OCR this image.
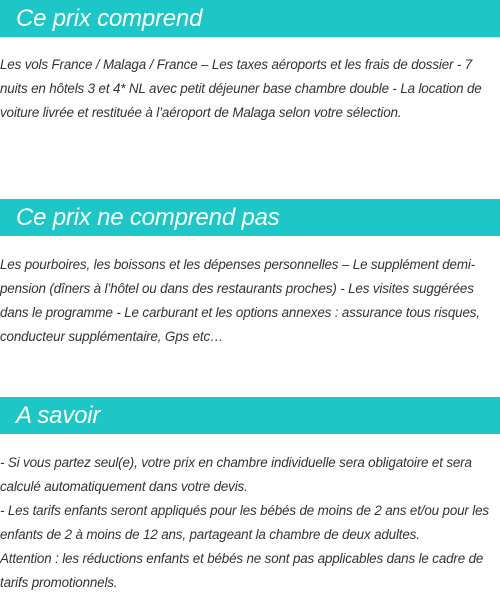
Ce prix comprend

Les vols France / Malaga / France – Les taxes aéroports et les frais de dossier - 7 nuits en hôtels 3 et 4* NL avec petit déjeuner base chambre double - La location de voiture livrée et restituée à l’aéroport de Malaga selon votre sélection.

Ce prix ne comprend pas

Les pourboires, les boissons et les dépenses personnelles – Le supplément demi-pension (dîners à l’hôtel ou dans des restaurants proches) - Les visites suggérées dans le programme - Le carburant et les options annexes : assurance tous risques, conducteur supplémentaire, Gps etc…

A savoir

- Si vous partez seul(e), votre prix en chambre individuelle sera obligatoire et sera calculé automatiquement dans votre devis.

- Les tarifs enfants seront appliqués pour les bébés de moins de 2 ans et/ou pour les enfants de 2 à moins de 12 ans, partageant la chambre de deux adultes.

Attention : les réductions enfants et bébés ne sont pas applicables dans le cadre de tarifs promotionnels.
